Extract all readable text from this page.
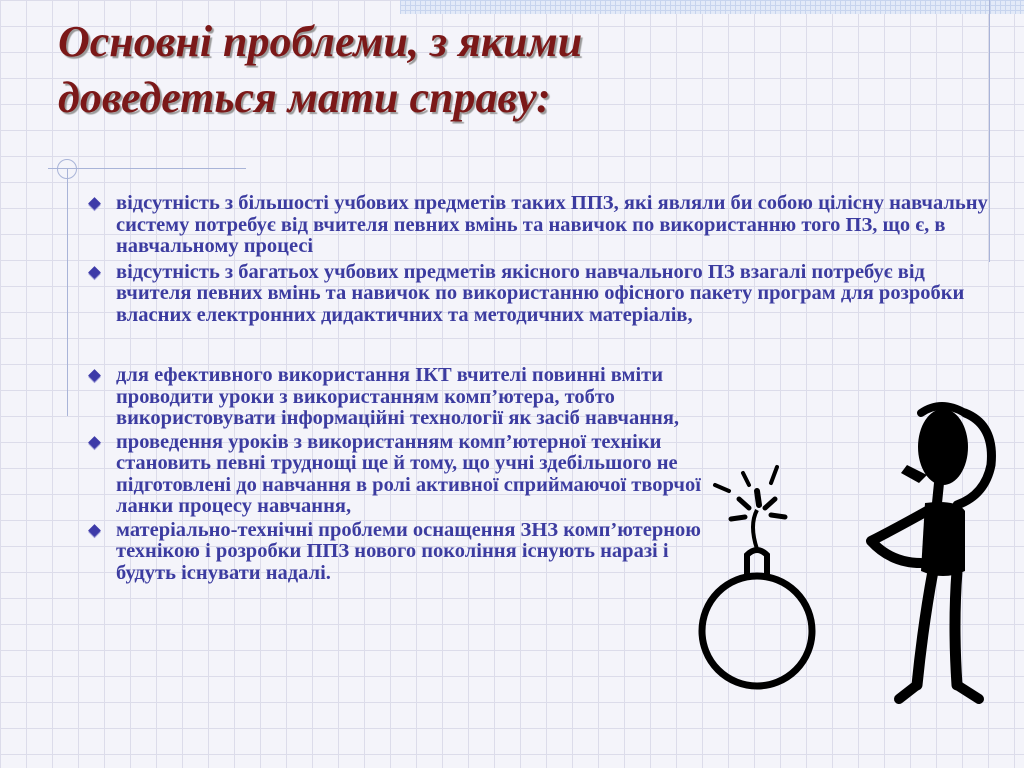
Основні проблеми, з якими доведеться мати справу:
відсутність з більшості учбових предметів таких ППЗ, які являли би собою цілісну навчальну систему потребує від вчителя певних вмінь та навичок по використанню того ПЗ, що є, в навчальному процесі
відсутність з багатьох учбових предметів якісного навчального ПЗ взагалі потребує від вчителя певних вмінь та навичок по використанню офісного пакету програм для розробки власних електронних дидактичних та методичних матеріалів,
для ефективного використання ІКТ вчителі повинні вміти проводити уроки з використанням комп’ютера, тобто використовувати інформаційні технології як засіб навчання,
проведення уроків з використанням комп’ютерної техніки становить певні труднощі ще й тому, що учні здебільшого не підготовлені до навчання в ролі активної сприймаючої творчої ланки процесу навчання,
матеріально-технічні проблеми оснащення ЗНЗ комп’ютерною технікою і розробки ППЗ нового покоління існують наразі і будуть існувати надалі.
